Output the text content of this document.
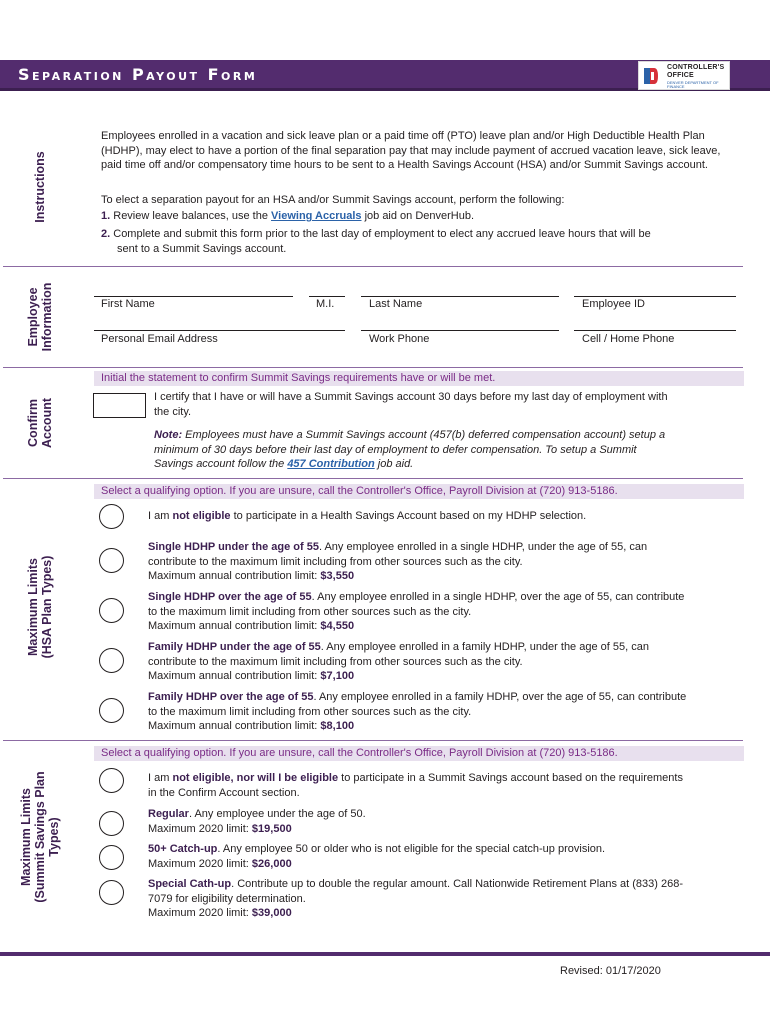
Separation Payout Form	CONTROLLER'S
OFFICE
DENVER DEPARTMENT OF FINANCE
Instructions
Employees enrolled in a vacation and sick leave plan or a paid time off (PTO) leave plan and/or High Deductible Health Plan (HDHP), may elect to have a portion of the final separation pay that may include payment of accrued vacation leave, sick leave, paid time off and/or compensatory time hours to be sent to a Health Savings Account (HSA) and/or Summit Savings account.
To elect a separation payout for an HSA and/or Summit Savings account, perform the following:
1. Review leave balances, use the Viewing Accruals job aid on DenverHub.
2. Complete and submit this form prior to the last day of employment to elect any accrued leave hours that will be
sent to a Summit Savings account.
Employee
Information	First Name	M.I.	Last Name	Employee ID
Personal Email Address	Work Phone	Cell / Home Phone
Confirm
Account
Initial the statement to confirm Summit Savings requirements have or will be met.
I certify that I have or will have a Summit Savings account 30 days before my last day of employment with
the city.
Note: Employees must have a Summit Savings account (457(b) deferred compensation account) setup a
minimum of 30 days before their last day of employment to defer compensation. To setup a Summit
Savings account follow the 457 Contribution job aid.
Maximum Limits
(HSA Plan Types)
Select a qualifying option. If you are unsure, call the Controller's Office, Payroll Division at (720) 913-5186.
I am not eligible to participate in a Health Savings Account based on my HDHP selection.
Single HDHP under the age of 55. Any employee enrolled in a single HDHP, under the age of 55, can
contribute to the maximum limit including from other sources such as the city.
Maximum annual contribution limit: $3,550
Single HDHP over the age of 55. Any employee enrolled in a single HDHP, over the age of 55, can contribute
to the maximum limit including from other sources such as the city.
Maximum annual contribution limit: $4,550
Family HDHP under the age of 55. Any employee enrolled in a family HDHP, under the age of 55, can
contribute to the maximum limit including from other sources such as the city.
Maximum annual contribution limit: $7,100
Family HDHP over the age of 55. Any employee enrolled in a family HDHP, over the age of 55, can contribute
to the maximum limit including from other sources such as the city.
Maximum annual contribution limit: $8,100
Maximum Limits
(Summit Savings Plan
Types)
Select a qualifying option. If you are unsure, call the Controller's Office, Payroll Division at (720) 913-5186.
I am not eligible, nor will I be eligible to participate in a Summit Savings account based on the requirements
in the Confirm Account section.
Regular. Any employee under the age of 50.
Maximum 2020 limit: $19,500
50+ Catch-up. Any employee 50 or older who is not eligible for the special catch-up provision.
Maximum 2020 limit: $26,000
Special Cath-up. Contribute up to double the regular amount. Call Nationwide Retirement Plans at (833) 268-
7079 for eligibility determination.
Maximum 2020 limit: $39,000
Revised: 01/17/2020
